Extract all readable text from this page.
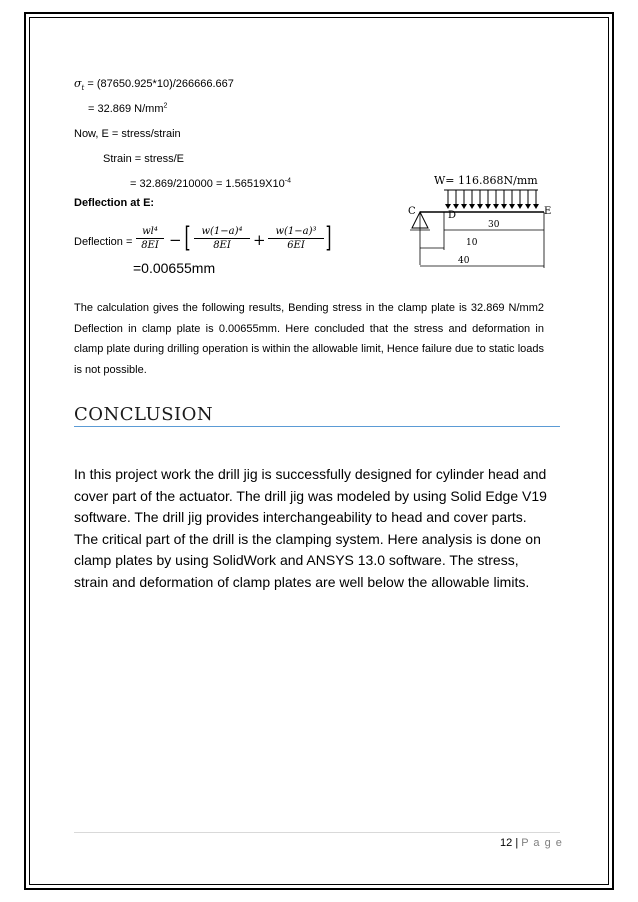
$\sigma_t = (87650.925*10)/266666.667$
= 32.869 $N/mm^2$
Now, E = stress/strain
Strain = stress/E
= $32.869/210000 = 1.56519X10^{-4}$
Deflection at E:
Deflection =
wl⁴
8EI − [	w(1−a)⁴
8EI	+ w(1−a)³
6EI ]
=0.00655mm
W= 116.868N/mm
C	D	E
30
10
40
The calculation gives the following results, Bending stress in the clamp plate is 32.869 N/mm2 Deflection in clamp plate is 0.00655mm. Here concluded that the stress and deformation in clamp plate during drilling operation is within the allowable limit, Hence failure due to static loads is not possible.
CONCLUSION
In this project work the drill jig is successfully designed for cylinder head and cover part of the actuator. The drill jig was modeled by using Solid Edge V19 software. The drill jig provides interchangeability to head and cover parts. The critical part of the drill is the clamping system. Here analysis is done on clamp plates by using SolidWork and ANSYS 13.0 software. The stress, strain and deformation of clamp plates are well below the allowable limits.
12 | P a g e
